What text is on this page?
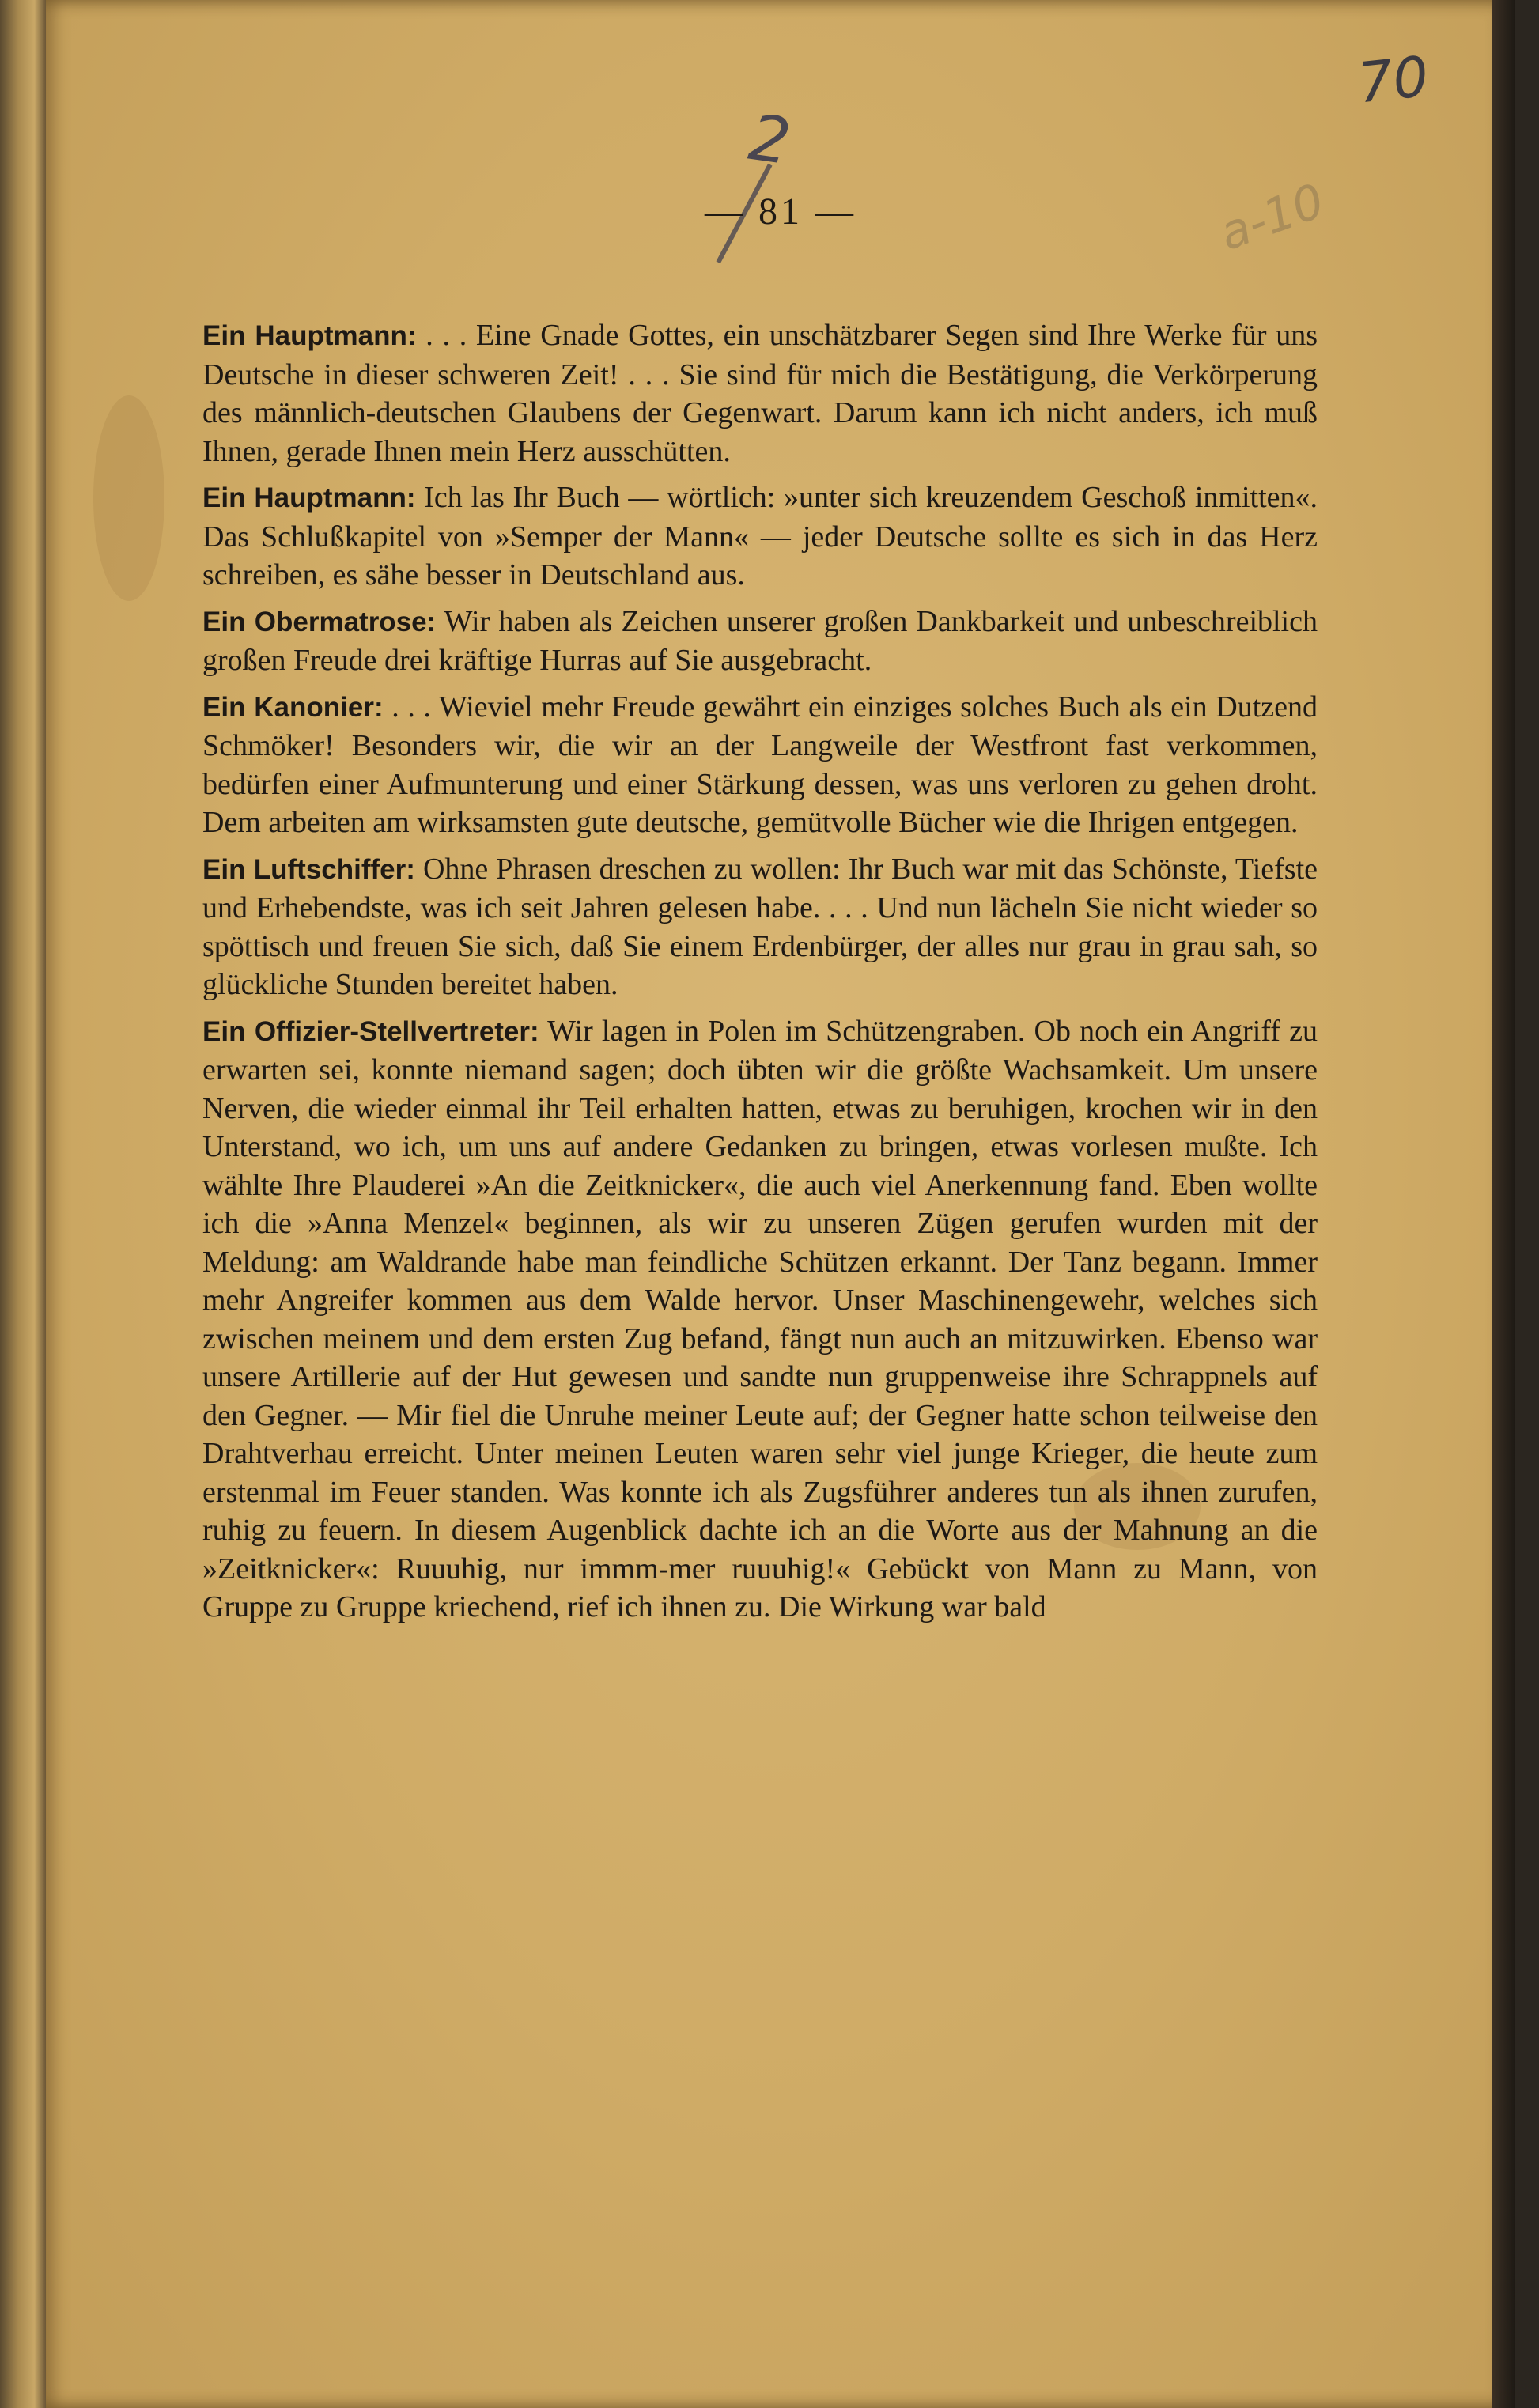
70
2
a-10
— 81 —

Ein Hauptmann: . . . Eine Gnade Gottes, ein unschätzbarer Segen sind Ihre Werke für uns Deutsche in dieser schweren Zeit! . . . Sie sind für mich die Bestätigung, die Verkörperung des männlich-deutschen Glaubens der Gegenwart. Darum kann ich nicht anders, ich muß Ihnen, gerade Ihnen mein Herz ausschütten.

Ein Hauptmann: Ich las Ihr Buch — wörtlich: »unter sich kreuzendem Geschoß inmitten«. Das Schlußkapitel von »Semper der Mann« — jeder Deutsche sollte es sich in das Herz schreiben, es sähe besser in Deutschland aus.

Ein Obermatrose: Wir haben als Zeichen unserer großen Dankbarkeit und unbeschreiblich großen Freude drei kräftige Hurras auf Sie ausgebracht.

Ein Kanonier: . . . Wieviel mehr Freude gewährt ein einziges solches Buch als ein Dutzend Schmöker! Besonders wir, die wir an der Langweile der Westfront fast verkommen, bedürfen einer Aufmunterung und einer Stärkung dessen, was uns verloren zu gehen droht. Dem arbeiten am wirksamsten gute deutsche, gemütvolle Bücher wie die Ihrigen entgegen.

Ein Luftschiffer: Ohne Phrasen dreschen zu wollen: Ihr Buch war mit das Schönste, Tiefste und Erhebendste, was ich seit Jahren gelesen habe. . . . Und nun lächeln Sie nicht wieder so spöttisch und freuen Sie sich, daß Sie einem Erdenbürger, der alles nur grau in grau sah, so glückliche Stunden bereitet haben.

Ein Offizier-Stellvertreter: Wir lagen in Polen im Schützengraben. Ob noch ein Angriff zu erwarten sei, konnte niemand sagen; doch übten wir die größte Wachsamkeit. Um unsere Nerven, die wieder einmal ihr Teil erhalten hatten, etwas zu beruhigen, krochen wir in den Unterstand, wo ich, um uns auf andere Gedanken zu bringen, etwas vorlesen mußte. Ich wählte Ihre Plauderei »An die Zeitknicker«, die auch viel Anerkennung fand. Eben wollte ich die »Anna Menzel« beginnen, als wir zu unseren Zügen gerufen wurden mit der Meldung: am Waldrande habe man feindliche Schützen erkannt. Der Tanz begann. Immer mehr Angreifer kommen aus dem Walde hervor. Unser Maschinengewehr, welches sich zwischen meinem und dem ersten Zug befand, fängt nun auch an mitzuwirken. Ebenso war unsere Artillerie auf der Hut gewesen und sandte nun gruppenweise ihre Schrappnels auf den Gegner. — Mir fiel die Unruhe meiner Leute auf; der Gegner hatte schon teilweise den Drahtverhau erreicht. Unter meinen Leuten waren sehr viel junge Krieger, die heute zum erstenmal im Feuer standen. Was konnte ich als Zugsführer anderes tun als ihnen zurufen, ruhig zu feuern. In diesem Augenblick dachte ich an die Worte aus der Mahnung an die »Zeitknicker«: Ruuuhig, nur immm-mer ruuuhig!« Gebückt von Mann zu Mann, von Gruppe zu Gruppe kriechend, rief ich ihnen zu. Die Wirkung war bald
